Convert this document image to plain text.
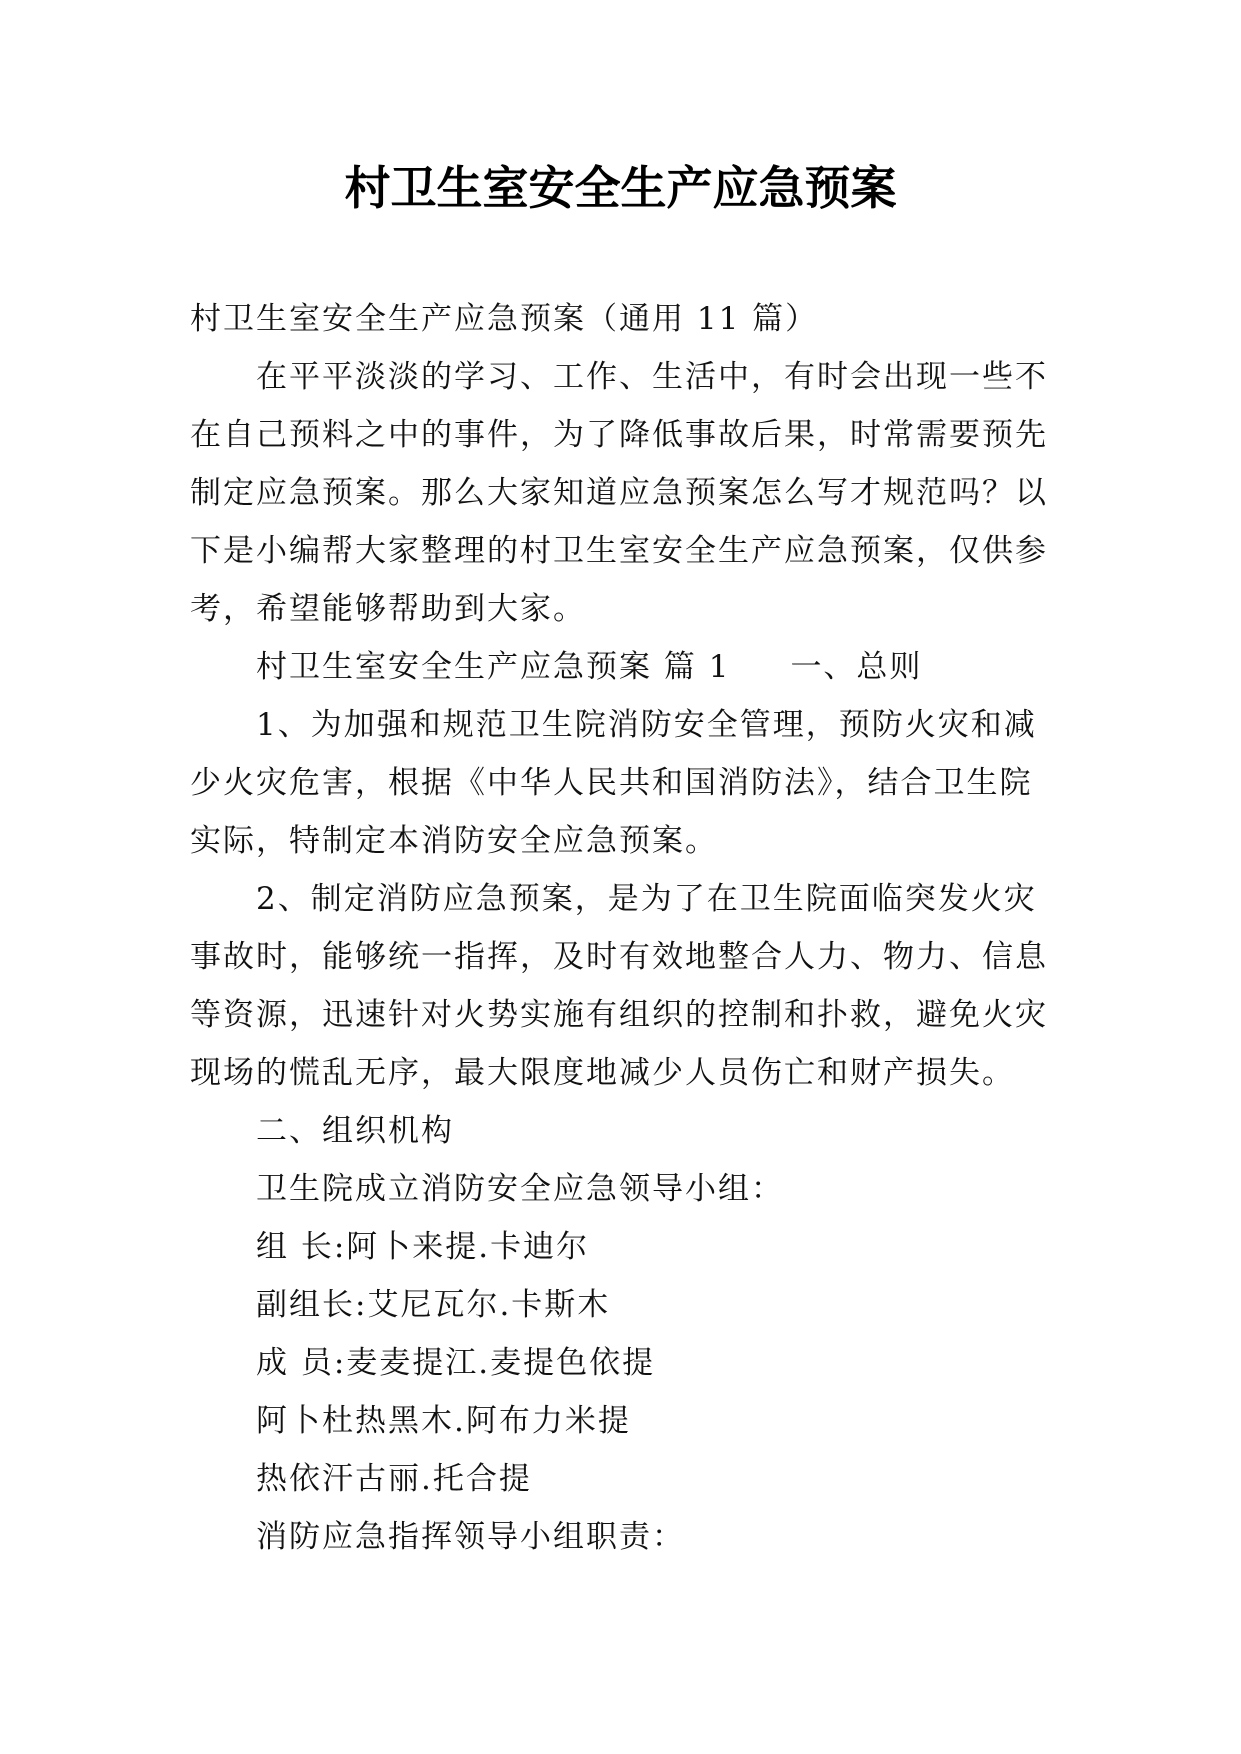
村卫生室安全生产应急预案

村卫生室安全生产应急预案（通用 11 篇）

在平平淡淡的学习、工作、生活中，有时会出现一些不在自己预料之中的事件，为了降低事故后果，时常需要预先制定应急预案。那么大家知道应急预案怎么写才规范吗？以下是小编帮大家整理的村卫生室安全生产应急预案，仅供参考，希望能够帮助到大家。

村卫生室安全生产应急预案 篇 1 一、总则

1、为加强和规范卫生院消防安全管理，预防火灾和减少火灾危害，根据《中华人民共和国消防法》，结合卫生院实际，特制定本消防安全应急预案。

2、制定消防应急预案，是为了在卫生院面临突发火灾事故时，能够统一指挥，及时有效地整合人力、物力、信息等资源，迅速针对火势实施有组织的控制和扑救，避免火灾现场的慌乱无序，最大限度地减少人员伤亡和财产损失。

二、组织机构

卫生院成立消防安全应急领导小组：

组 长:阿卜来提.卡迪尔

副组长:艾尼瓦尔.卡斯木

成 员:麦麦提江.麦提色依提

阿卜杜热黑木.阿布力米提

热依汗古丽.托合提

消防应急指挥领导小组职责：
